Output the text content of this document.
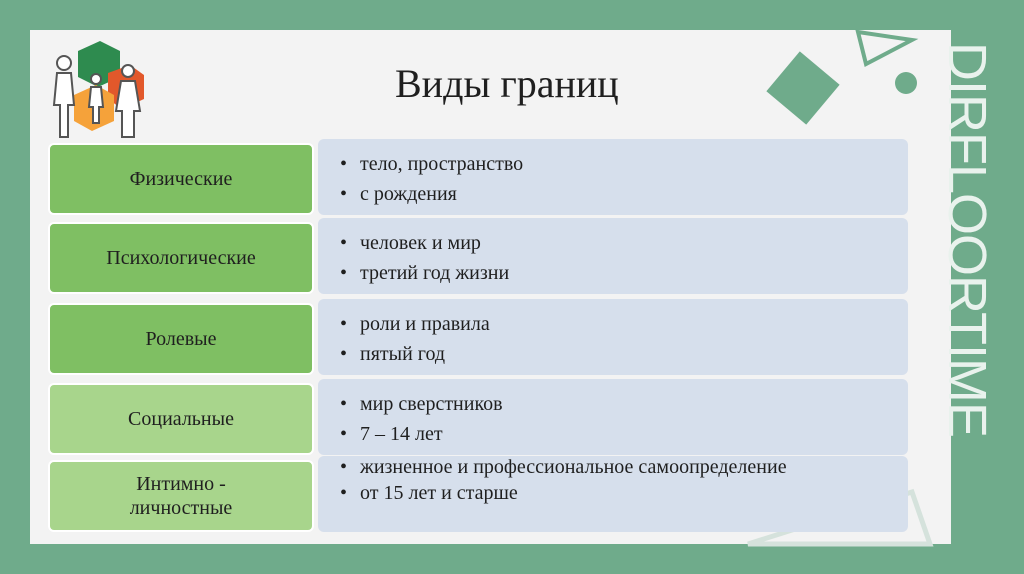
Виды границ	DIRFLOORTIME
Физические
• тело, пространство
• с рождения
Психологические
• человек и мир
• третий год жизни
Ролевые
• роли и правила
• пятый год
Социальные
• мир сверстников
• 7 – 14 лет
Интимно - личностные
• жизненное и профессиональное самоопределение
• от 15 лет и старше
